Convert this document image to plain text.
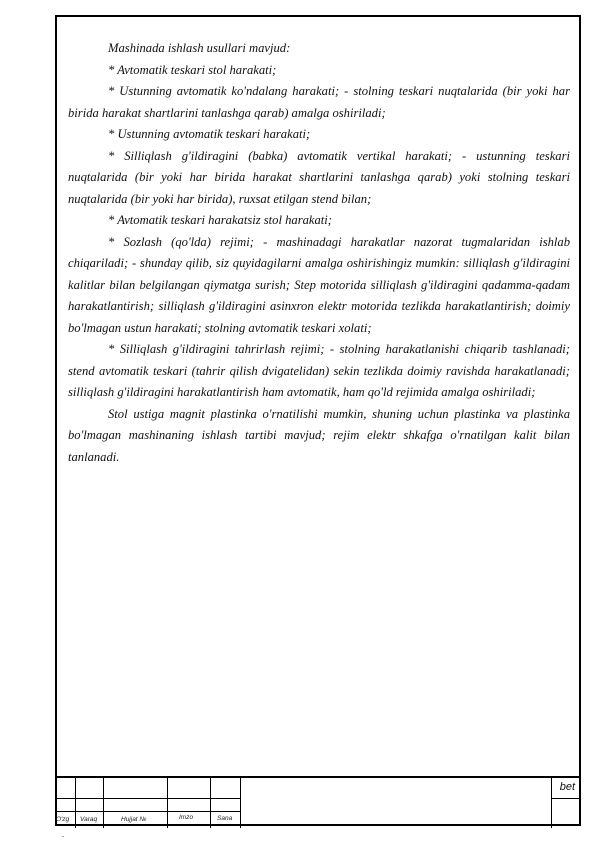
Mashinada ishlash usullari mavjud:

* Avtomatik teskari stol harakati;

* Ustunning avtomatik ko'ndalang harakati; - stolning teskari nuqtalarida (bir yoki har birida harakat shartlarini tanlashga qarab) amalga oshiriladi;

* Ustunning avtomatik teskari harakati;

* Silliqlash g'ildiragini (babka) avtomatik vertikal harakati; - ustunning teskari nuqtalarida (bir yoki har birida harakat shartlarini tanlashga qarab) yoki stolning teskari nuqtalarida (bir yoki har birida), ruxsat etilgan stend bilan;

* Avtomatik teskari harakatsiz stol harakati;

* Sozlash (qo'lda) rejimi; - mashinadagi harakatlar nazorat tugmalaridan ishlab chiqariladi; - shunday qilib, siz quyidagilarni amalga oshirishingiz mumkin: silliqlash g'ildiragini kalitlar bilan belgilangan qiymatga surish; Step motorida silliqlash g'ildiragini qadamma-qadam harakatlantirish; silliqlash g'ildiragini asinxron elektr motorida tezlikda harakatlantirish; doimiy bo'lmagan ustun harakati; stolning avtomatik teskari xolati;

* Silliqlash g'ildiragini tahrirlash rejimi; - stolning harakatlanishi chiqarib tashlanadi; stend avtomatik teskari (tahrir qilish dvigatelidan) sekin tezlikda doimiy ravishda harakatlanadi; silliqlash g'ildiragini harakatlantirish ham avtomatik, ham qo'ld rejimida amalga oshiriladi;

Stol ustiga magnit plastinka o'rnatilishi mumkin, shuning uchun plastinka va plastinka bo'lmagan mashinaning ishlash tartibi mavjud; rejim elektr shkafga o'rnatilgan kalit bilan tanlanadi.

O'zg Varaq	Hujjat №	Imzo	Sana
bet
.
